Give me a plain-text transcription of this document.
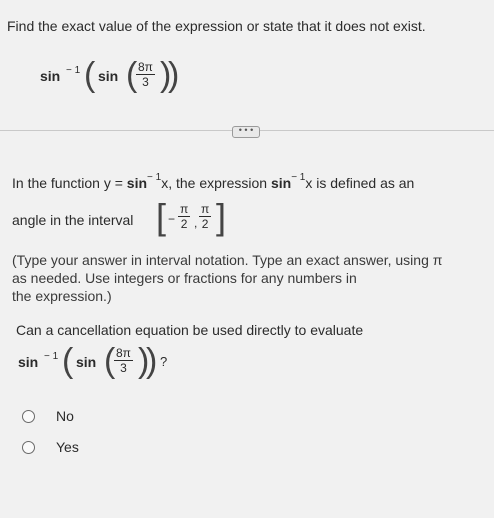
Find the exact value of the expression or state that it does not exist.
sin $_{- 1}$ ( sin (
$\frac{8\pi}{3}$ )
)
• • •
In the function $y = \sin^{- 1}x$, the expression $\sin^{- 1}x$ is defined as an
angle in the interval [ − $\frac{\pi}{2}$ , $\frac{\pi}{2}$ ]
(Type your answer in interval notation. Type an exact answer, using π
as needed. Use integers or fractions for any numbers in
the expression.)
Can a cancellation equation be used directly to evaluate
sin $_{- 1}$ ( sin (
$\frac{8\pi}{3}$ )
) ?
No
Yes
